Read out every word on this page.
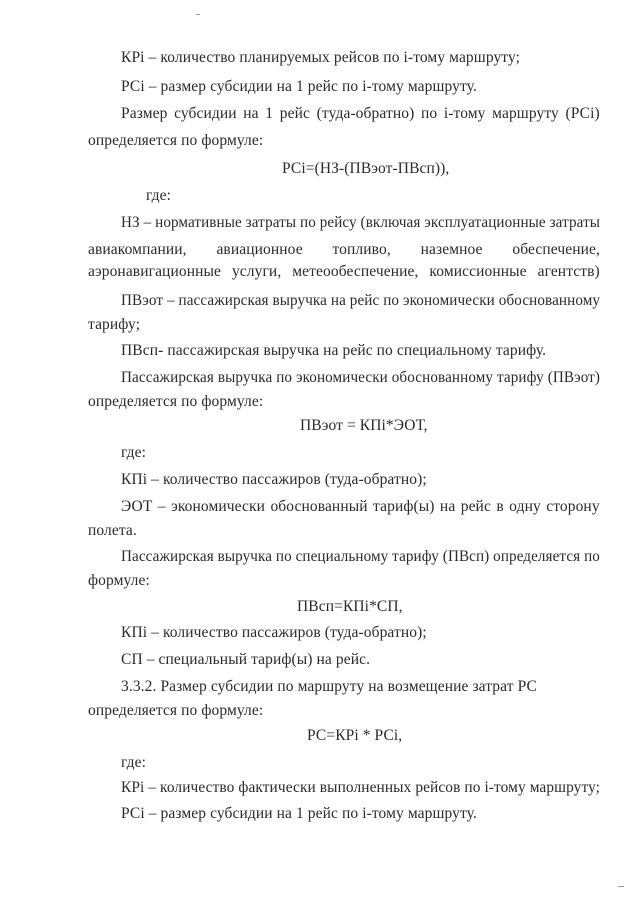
КРi – количество планируемых рейсов по i-тому маршруту;
РСi – размер субсидии на 1 рейс по i-тому маршруту.
Размер субсидии на 1 рейс (туда-обратно) по i-тому маршруту (РСi)
определяется по формуле:
РСi=(НЗ-(ПВэот-ПВсп)),
где:
НЗ – нормативные затраты по рейсу (включая эксплуатационные затраты
авиакомпании, авиационное топливо, наземное обеспечение,
аэронавигационные услуги, метеообеспечение, комиссионные агентств)
ПВэот – пассажирская выручка на рейс по экономически обоснованному
тарифу;
ПВсп- пассажирская выручка на рейс по специальному тарифу.
Пассажирская выручка по экономически обоснованному тарифу (ПВэот)
определяется по формуле:
ПВэот = КПi*ЭОТ,
где:
КПi – количество пассажиров (туда-обратно);
ЭОТ – экономически обоснованный тариф(ы) на рейс в одну сторону
полета.
Пассажирская выручка по специальному тарифу (ПВсп) определяется по
формуле:
ПВсп=КПi*СП,
КПi – количество пассажиров (туда-обратно);
СП – специальный тариф(ы) на рейс.
3.3.2. Размер субсидии по маршруту на возмещение затрат РС
определяется по формуле:
РС=КРi * РСi,
где:
КРi – количество фактически выполненных рейсов по i-тому маршруту;
РСi – размер субсидии на 1 рейс по i-тому маршруту.
